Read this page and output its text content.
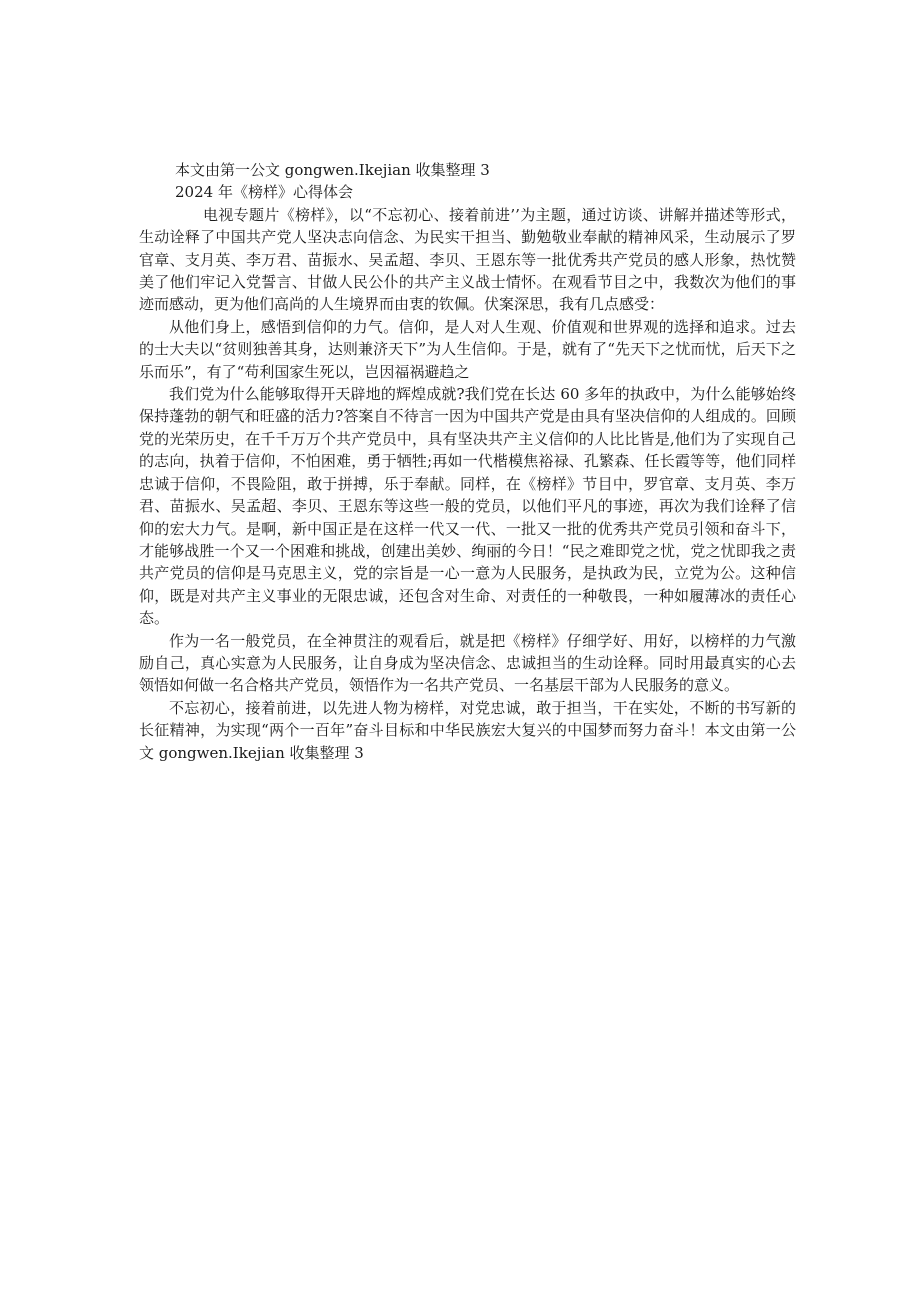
本文由第一公文 gongwen.Ikejian 收集整理 3

2024 年《榜样》心得体会

电视专题片《榜样》，以“不忘初心、接着前进’’为主题，通过访谈、讲解并描述等形式，生动诠释了中国共产党人坚决志向信念、为民实干担当、勤勉敬业奉献的精神风采，生动展示了罗官章、支月英、李万君、苗振水、吴孟超、李贝、王恩东等一批优秀共产党员的感人形象，热忱赞美了他们牢记入党誓言、甘做人民公仆的共产主义战士情怀。在观看节目之中，我数次为他们的事迹而感动，更为他们高尚的人生境界而由衷的钦佩。伏案深思，我有几点感受：

从他们身上，感悟到信仰的力气。信仰，是人对人生观、价值观和世界观的选择和追求。过去的士大夫以“贫则独善其身，达则兼济天下”为人生信仰。于是，就有了“先天下之忧而忧，后天下之乐而乐”，有了“苟利国家生死以，岂因福祸避趋之

我们党为什么能够取得开天辟地的辉煌成就?我们党在长达 60 多年的执政中，为什么能够始终保持蓬勃的朝气和旺盛的活力?答案自不待言一因为中国共产党是由具有坚决信仰的人组成的。回顾党的光荣历史，在千千万万个共产党员中，具有坚决共产主义信仰的人比比皆是,他们为了实现自己的志向，执着于信仰，不怕困难，勇于牺牲;再如一代楷模焦裕禄、孔繁森、任长霞等等，他们同样忠诚于信仰，不畏险阻，敢于拼搏，乐于奉献。同样，在《榜样》节目中，罗官章、支月英、李万君、苗振水、吴孟超、李贝、王恩东等这些一般的党员，以他们平凡的事迹，再次为我们诠释了信仰的宏大力气。是啊，新中国正是在这样一代又一代、一批又一批的优秀共产党员引领和奋斗下，才能够战胜一个又一个困难和挑战，创建出美妙、绚丽的今日！“民之难即党之忧，党之忧即我之责共产党员的信仰是马克思主义，党的宗旨是一心一意为人民服务，是执政为民，立党为公。这种信仰，既是对共产主义事业的无限忠诚，还包含对生命、对责任的一种敬畏，一种如履薄冰的责任心态。

作为一名一般党员，在全神贯注的观看后，就是把《榜样》仔细学好、用好，以榜样的力气激励自己，真心实意为人民服务，让自身成为坚决信念、忠诚担当的生动诠释。同时用最真实的心去领悟如何做一名合格共产党员，领悟作为一名共产党员、一名基层干部为人民服务的意义。

不忘初心，接着前进，以先进人物为榜样，对党忠诚，敢于担当，干在实处，不断的书写新的长征精神，为实现“两个一百年”奋斗目标和中华民族宏大复兴的中国梦而努力奋斗！本文由第一公文 gongwen.Ikejian 收集整理 3
